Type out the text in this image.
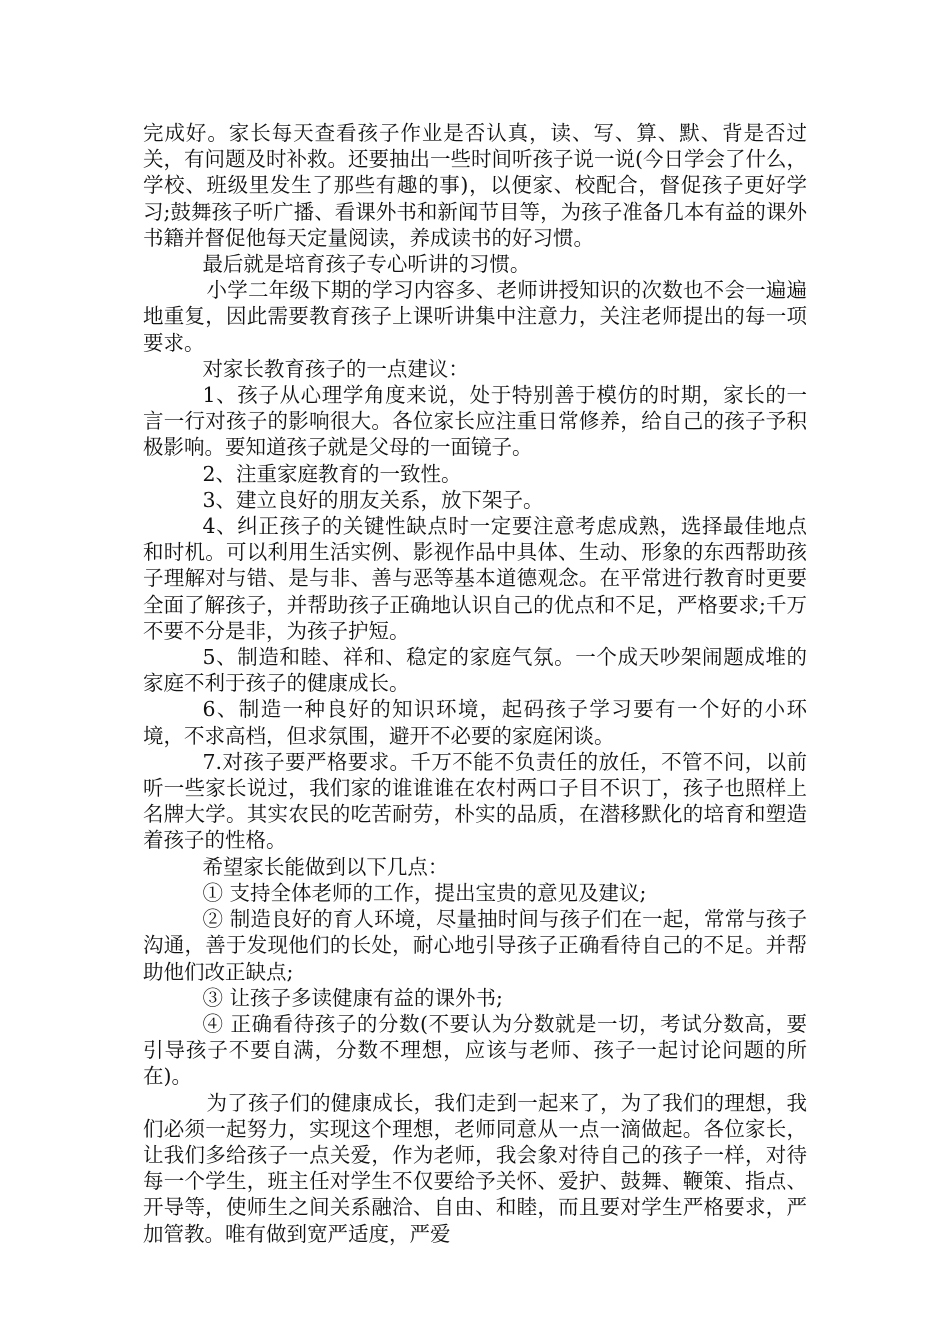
完成好。家长每天查看孩子作业是否认真，读、写、算、默、背是否过关，有问题及时补救。还要抽出一些时间听孩子说一说(今日学会了什么，学校、班级里发生了那些有趣的事)，以便家、校配合，督促孩子更好学习;鼓舞孩子听广播、看课外书和新闻节目等，为孩子准备几本有益的课外书籍并督促他每天定量阅读，养成读书的好习惯。

最后就是培育孩子专心听讲的习惯。

小学二年级下期的学习内容多、老师讲授知识的次数也不会一遍遍地重复，因此需要教育孩子上课听讲集中注意力，关注老师提出的每一项要求。

对家长教育孩子的一点建议：

1、孩子从心理学角度来说，处于特别善于模仿的时期，家长的一言一行对孩子的影响很大。各位家长应注重日常修养，给自己的孩子予积极影响。要知道孩子就是父母的一面镜子。

2、注重家庭教育的一致性。

3、建立良好的朋友关系，放下架子。

4、纠正孩子的关键性缺点时一定要注意考虑成熟，选择最佳地点和时机。可以利用生活实例、影视作品中具体、生动、形象的东西帮助孩子理解对与错、是与非、善与恶等基本道德观念。在平常进行教育时更要全面了解孩子，并帮助孩子正确地认识自己的优点和不足，严格要求;千万不要不分是非，为孩子护短。

5、制造和睦、祥和、稳定的家庭气氛。一个成天吵架闹题成堆的家庭不利于孩子的健康成长。

6、制造一种良好的知识环境，起码孩子学习要有一个好的小环境，不求高档，但求氛围，避开不必要的家庭闲谈。

7.对孩子要严格要求。千万不能不负责任的放任，不管不问，以前听一些家长说过，我们家的谁谁谁在农村两口子目不识丁，孩子也照样上名牌大学。其实农民的吃苦耐劳，朴实的品质，在潜移默化的培育和塑造着孩子的性格。

希望家长能做到以下几点：

① 支持全体老师的工作，提出宝贵的意见及建议;

② 制造良好的育人环境，尽量抽时间与孩子们在一起，常常与孩子沟通，善于发现他们的长处，耐心地引导孩子正确看待自己的不足。并帮助他们改正缺点;

③ 让孩子多读健康有益的课外书;

④ 正确看待孩子的分数(不要认为分数就是一切，考试分数高，要引导孩子不要自满，分数不理想，应该与老师、孩子一起讨论问题的所在)。

为了孩子们的健康成长，我们走到一起来了，为了我们的理想，我们必须一起努力，实现这个理想，老师同意从一点一滴做起。各位家长，让我们多给孩子一点关爱，作为老师，我会象对待自己的孩子一样，对待每一个学生，班主任对学生不仅要给予关怀、爱护、鼓舞、鞭策、指点、开导等，使师生之间关系融洽、自由、和睦，而且要对学生严格要求，严加管教。唯有做到宽严适度，严爱
